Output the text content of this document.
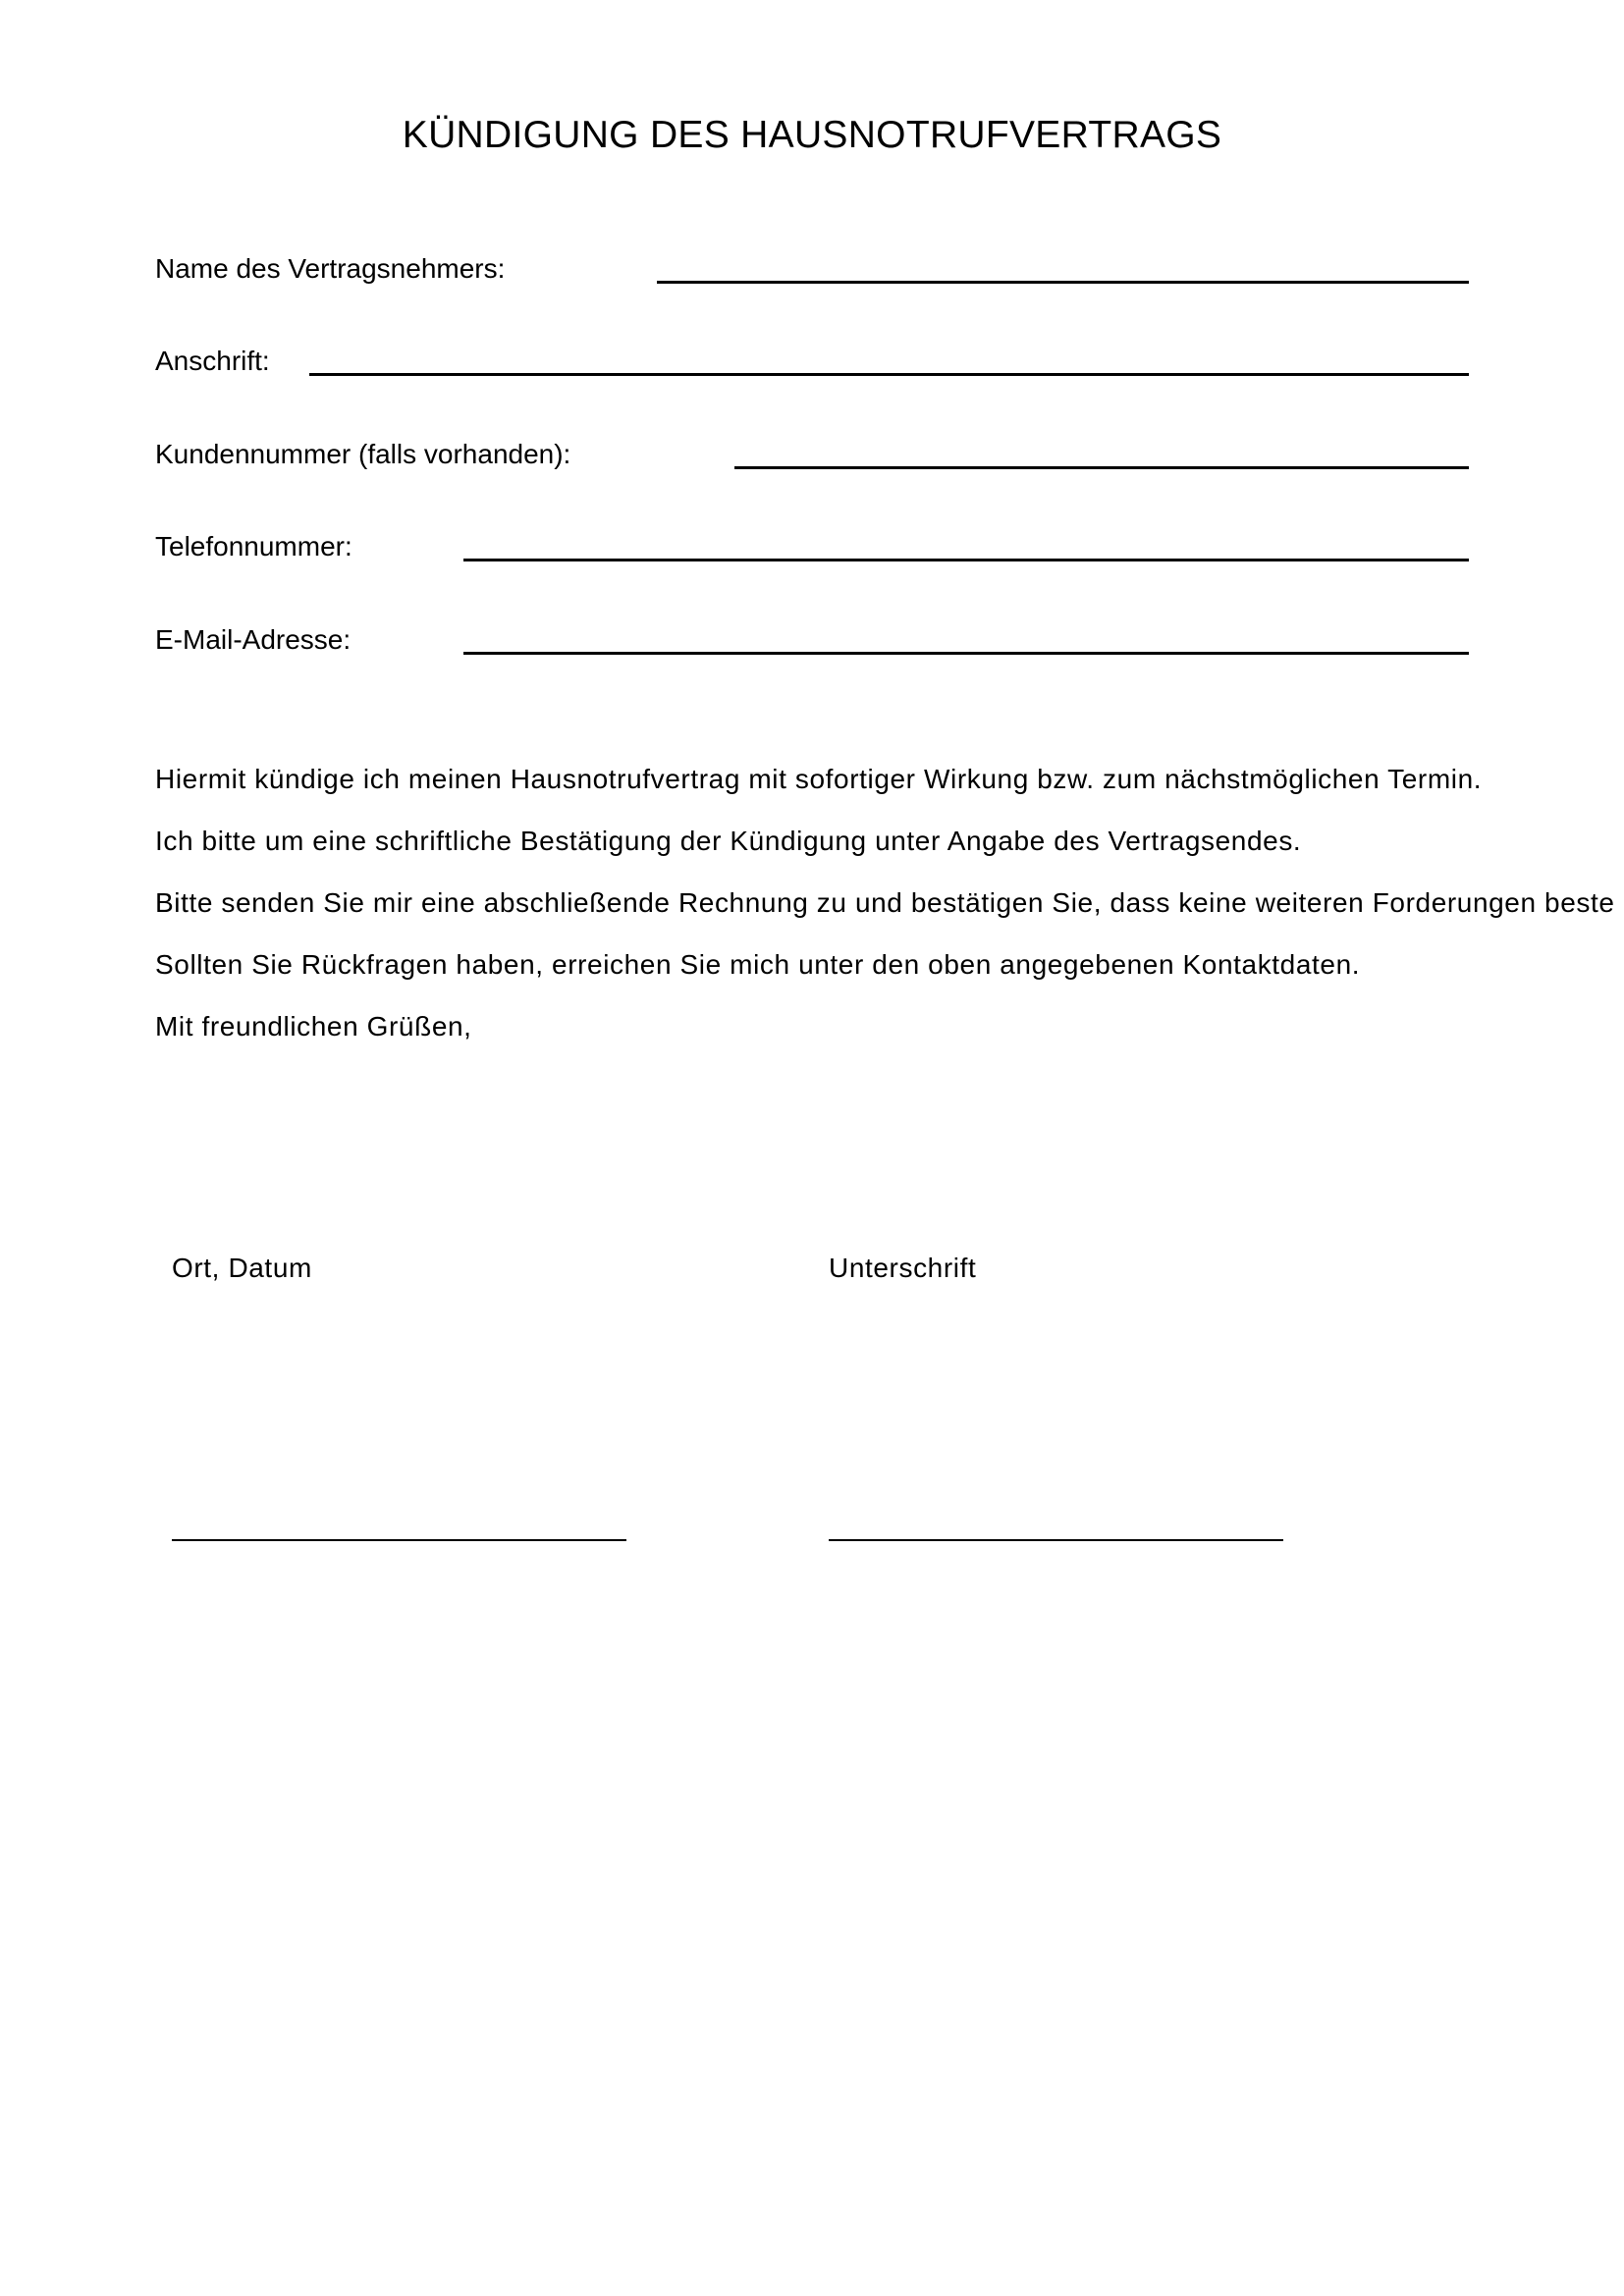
KÜNDIGUNG DES HAUSNOTRUFVERTRAGS
Name des Vertragsnehmers:
Anschrift:
Kundennummer (falls vorhanden):
Telefonnummer:
E-Mail-Adresse:
Hiermit kündige ich meinen Hausnotrufvertrag mit sofortiger Wirkung bzw. zum nächstmöglichen Termin.
Ich bitte um eine schriftliche Bestätigung der Kündigung unter Angabe des Vertragsendes.
Bitte senden Sie mir eine abschließende Rechnung zu und bestätigen Sie, dass keine weiteren Forderungen beste
Sollten Sie Rückfragen haben, erreichen Sie mich unter den oben angegebenen Kontaktdaten.
Mit freundlichen Grüßen,
Ort, Datum	Unterschrift
